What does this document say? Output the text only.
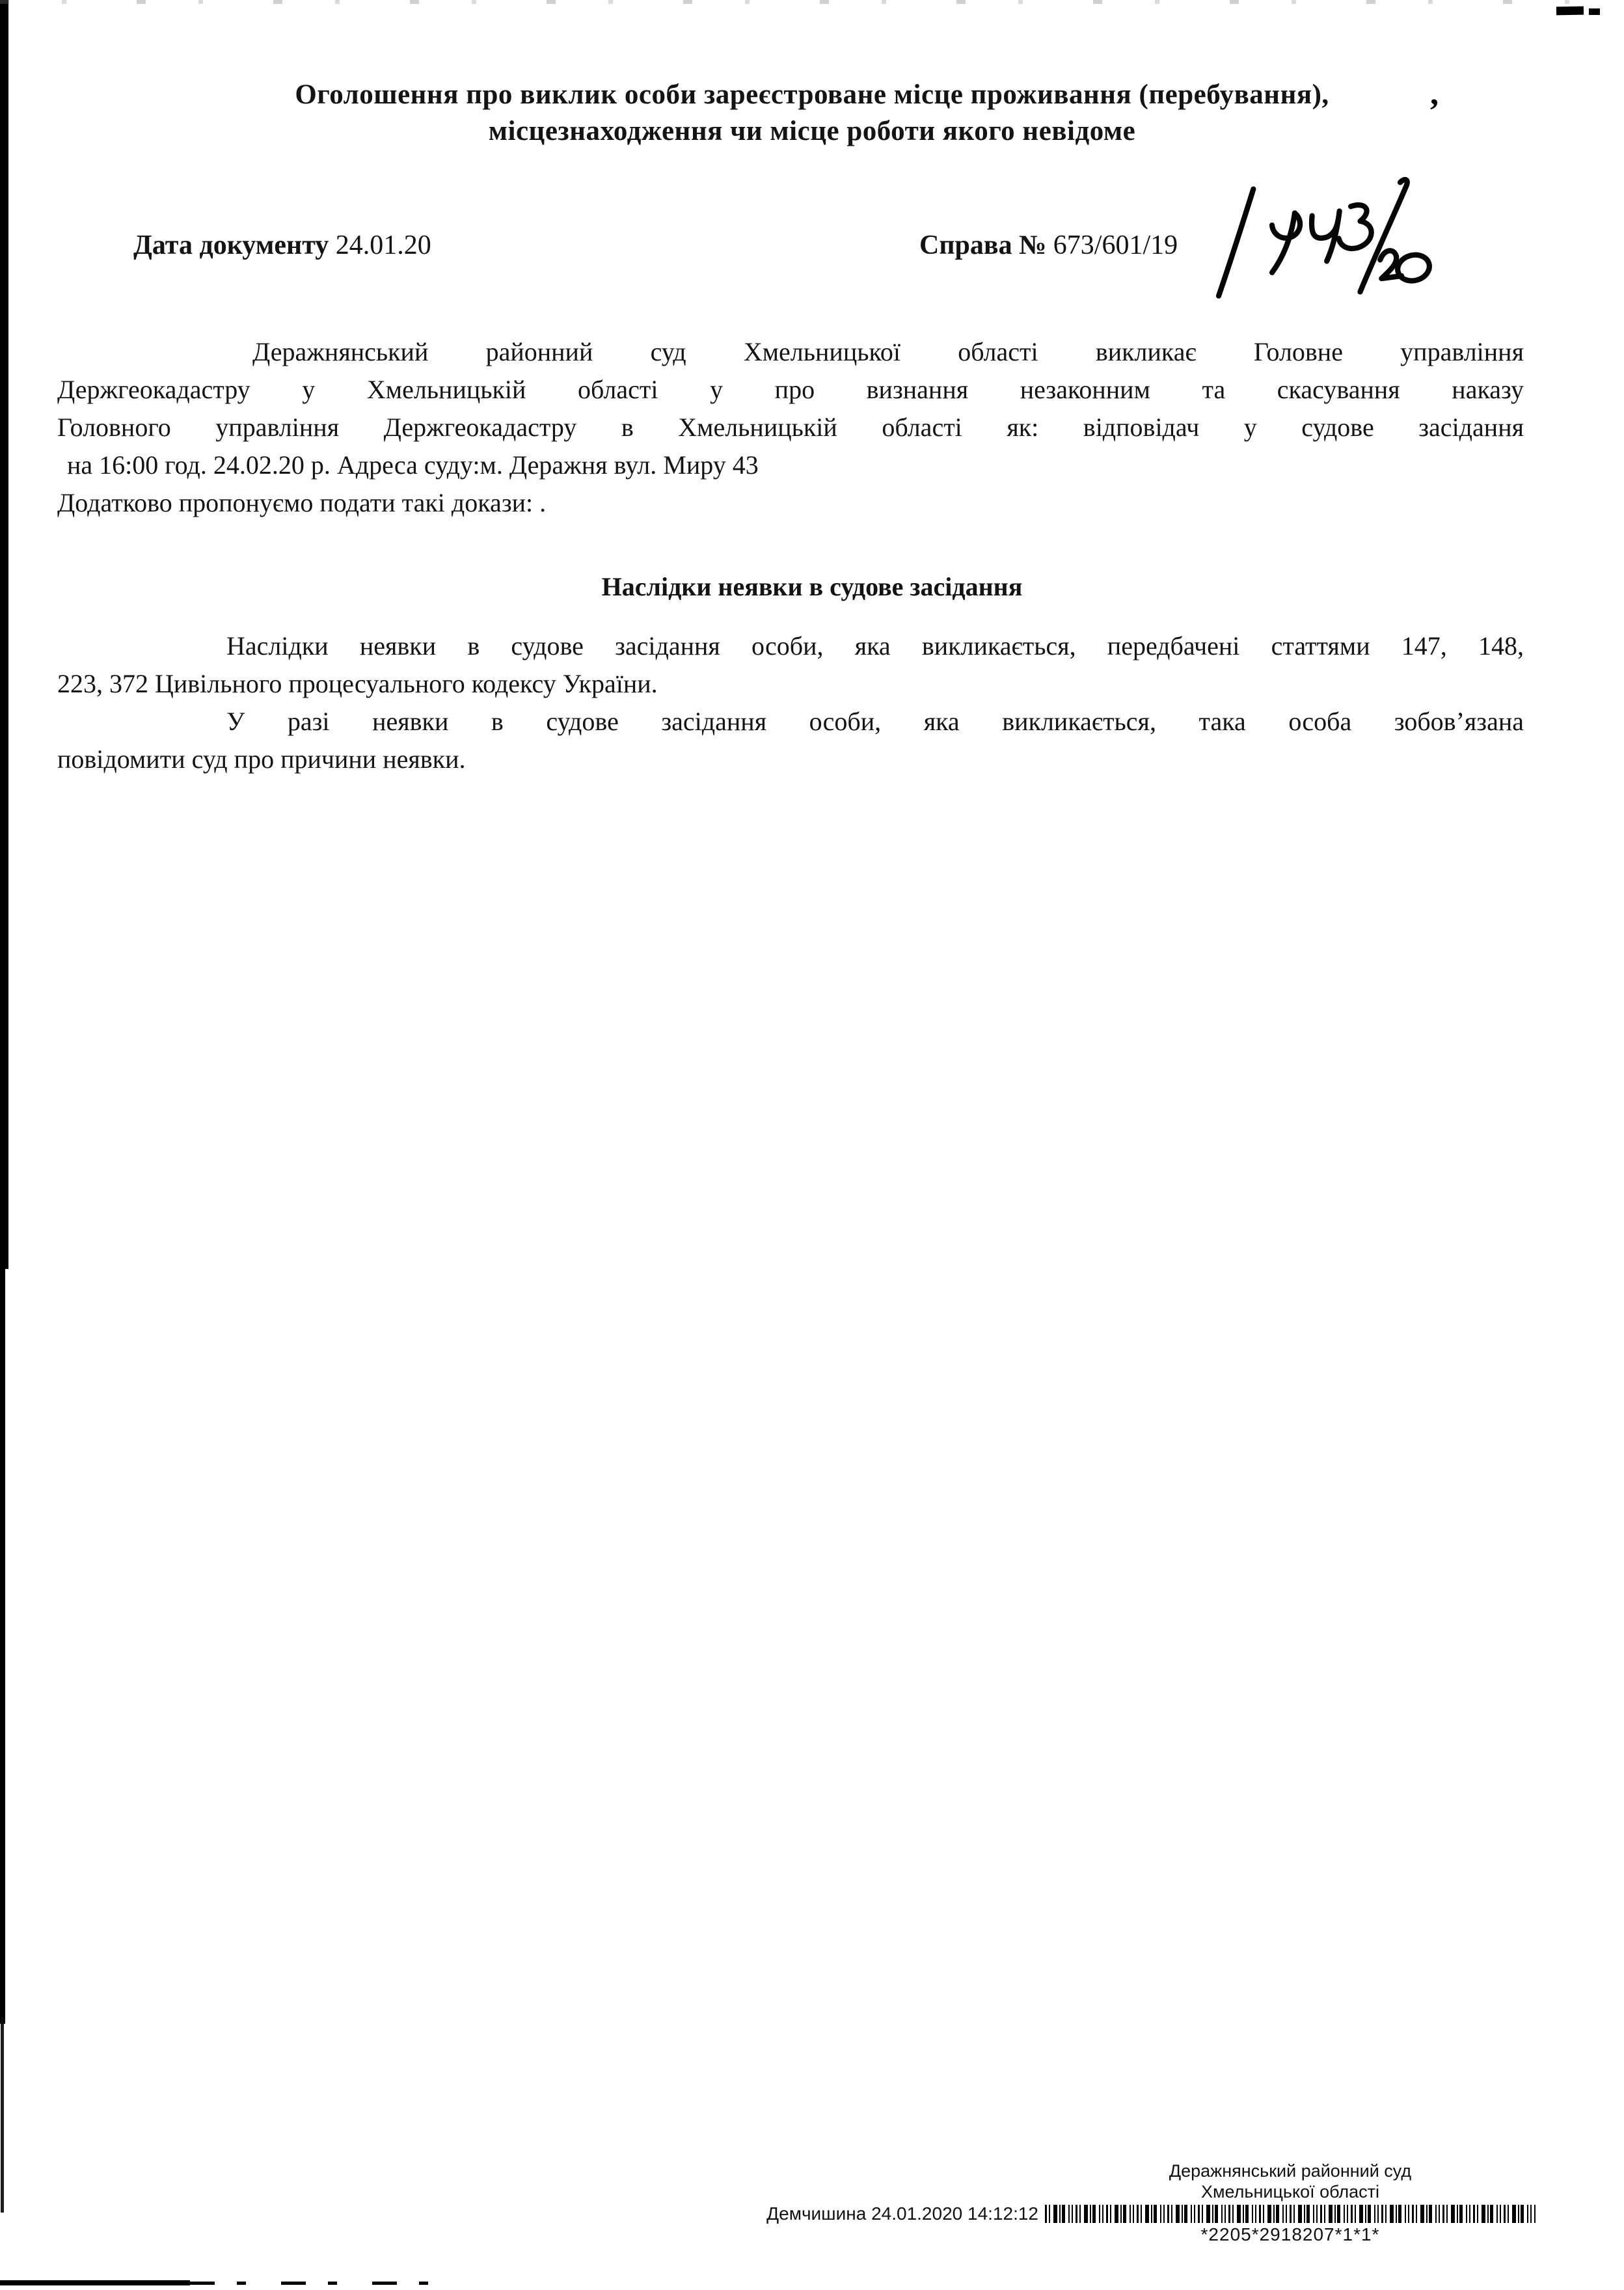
,
Оголошення про виклик особи зареєстроване місце проживання (перебування),
місцезнаходження чи місце роботи якого невідоме
Дата документу 24.01.20	Справа № 673/601/19
Деражнянський районний суд Хмельницької області викликає Головне управління
Держгеокадастру у Хмельницькій області у про визнання незаконним та скасування наказу
Головного управління Держгеокадастру в Хмельницькій області як: відповідач у судове засідання
на 16:00 год. 24.02.20 р. Адреса суду:м. Деражня вул. Миру 43
Додатково пропонуємо подати такі докази: .
Наслідки неявки в судове засідання
Наслідки неявки в судове засідання особи, яка викликається, передбачені статтями 147, 148,
223, 372 Цивільного процесуального кодексу України.
У разі неявки в судове засідання особи, яка викликається, така особа зобов’язана
повідомити суд про причини неявки.
Деражнянський районний суд
Хмельницької області
Демчишина 24.01.2020 14:12:12
*2205*2918207*1*1*
